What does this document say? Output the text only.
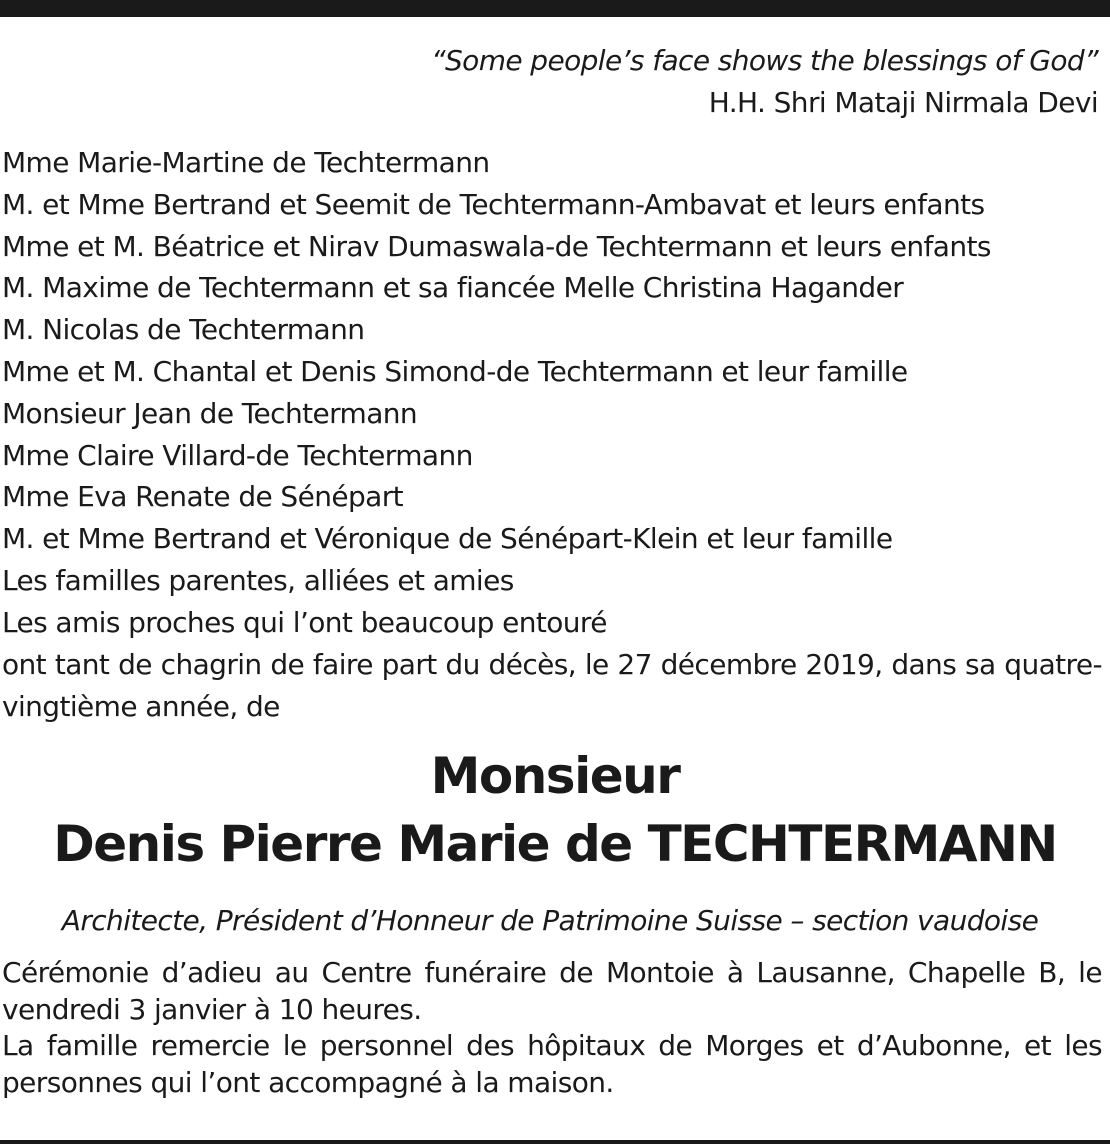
“Some people’s face shows the blessings of God”
H.H. Shri Mataji Nirmala Devi
Mme Marie-Martine de Techtermann
M. et Mme Bertrand et Seemit de Techtermann-Ambavat et leurs enfants
Mme et M. Béatrice et Nirav Dumaswala-de Techtermann et leurs enfants
M. Maxime de Techtermann et sa fiancée Melle Christina Hagander
M. Nicolas de Techtermann
Mme et M. Chantal et Denis Simond-de Techtermann et leur famille
Monsieur Jean de Techtermann
Mme Claire Villard-de Techtermann
Mme Eva Renate de Sénépart
M. et Mme Bertrand et Véronique de Sénépart-Klein et leur famille
Les familles parentes, alliées et amies
Les amis proches qui l’ont beaucoup entouré
ont tant de chagrin de faire part du décès, le 27 décembre 2019, dans sa quatre-vingtième année, de
Monsieur
Denis Pierre Marie de TECHTERMANN
Architecte, Président d’Honneur de Patrimoine Suisse – section vaudoise

Cérémonie d’adieu au Centre funéraire de Montoie à Lausanne, Chapelle B, le vendredi 3 janvier à 10 heures.

La famille remercie le personnel des hôpitaux de Morges et d’Aubonne, et les personnes qui l’ont accompagné à la maison.
